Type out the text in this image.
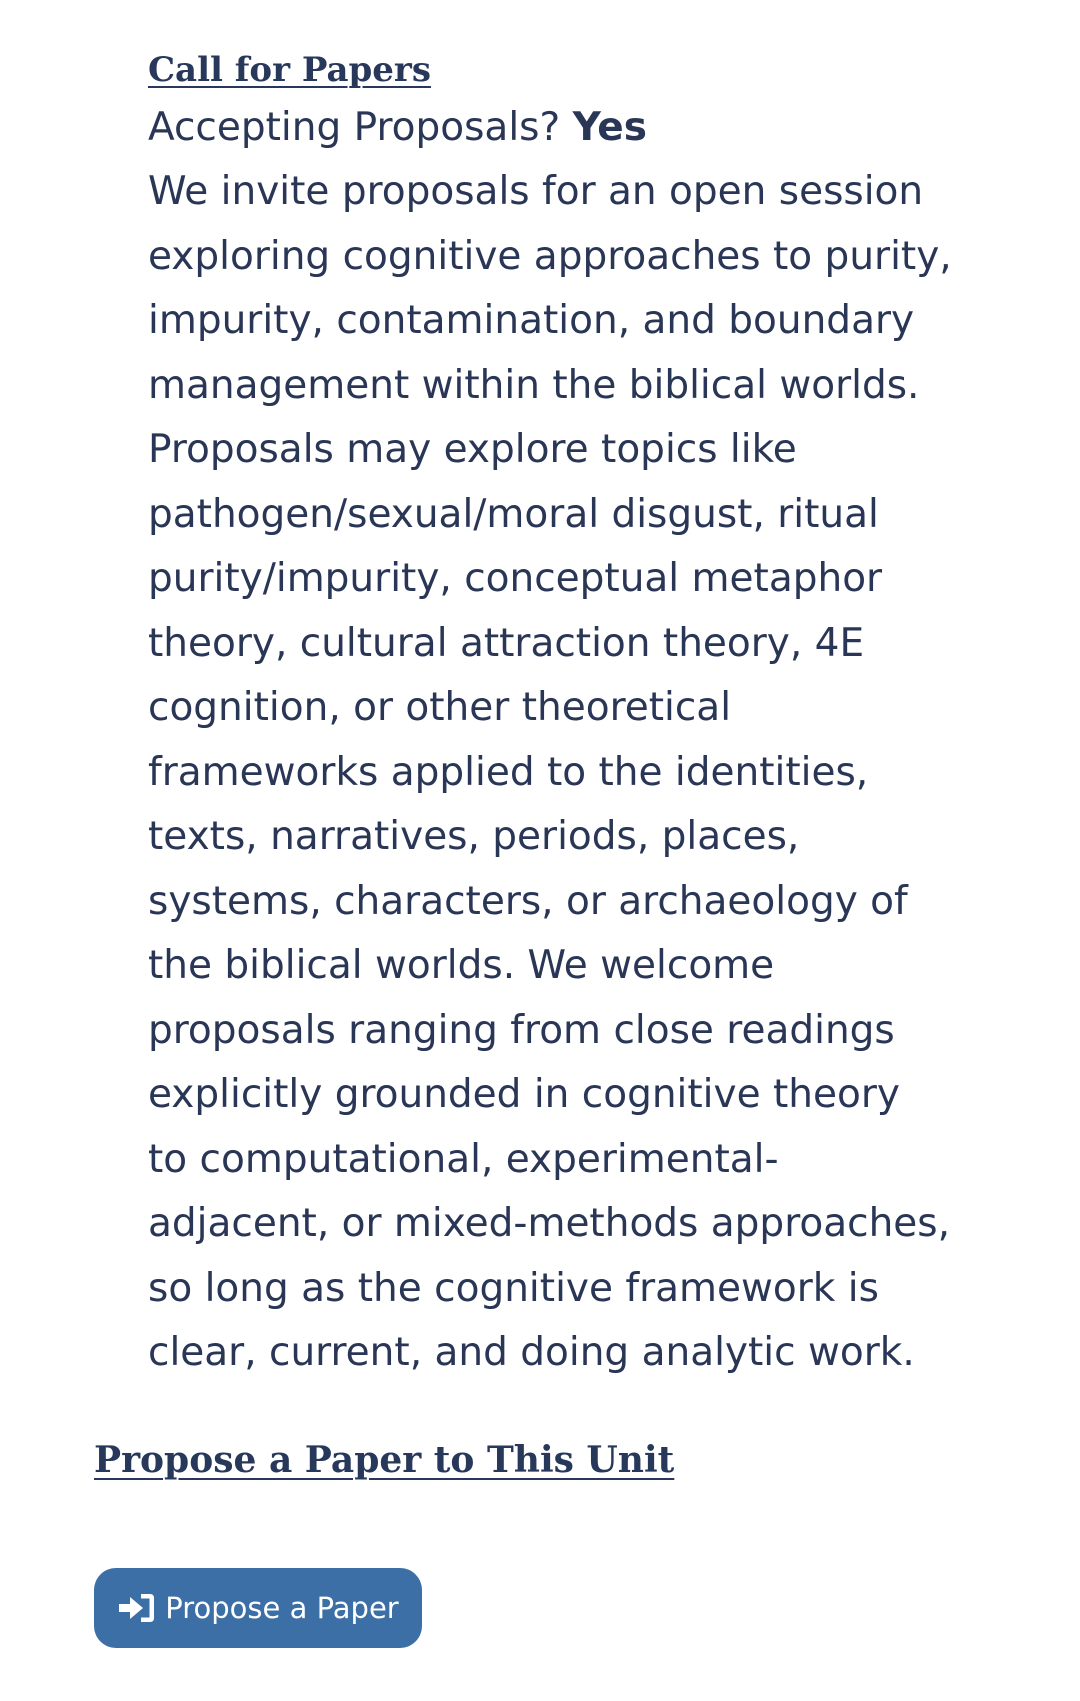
Call for Papers

Accepting Proposals? Yes

We invite proposals for an open session
exploring cognitive approaches to purity,
impurity, contamination, and boundary
management within the biblical worlds.
Proposals may explore topics like
pathogen/sexual/moral disgust, ritual
purity/impurity, conceptual metaphor
theory, cultural attraction theory, 4E
cognition, or other theoretical
frameworks applied to the identities,
texts, narratives, periods, places,
systems, characters, or archaeology of
the biblical worlds. We welcome
proposals ranging from close readings
explicitly grounded in cognitive theory
to computational, experimental-
adjacent, or mixed-methods approaches,
so long as the cognitive framework is
clear, current, and doing analytic work.

Propose a Paper to This Unit
Propose a Paper
